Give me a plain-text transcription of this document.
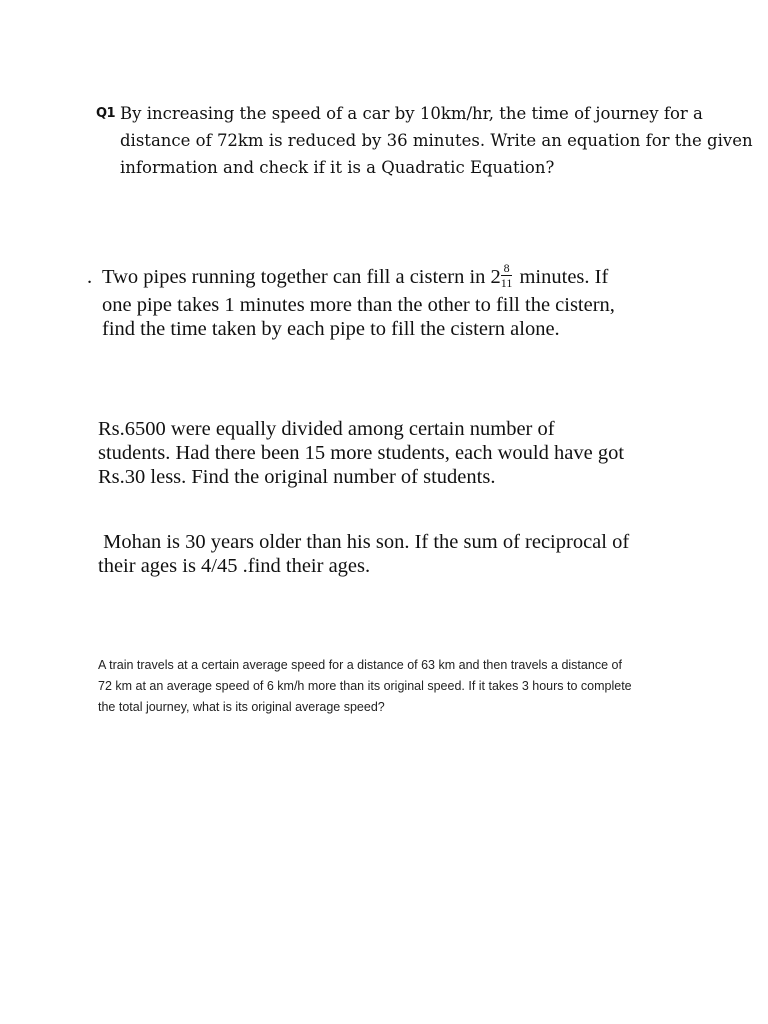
Q1 By increasing the speed of a car by 10km/hr, the time of journey for a
distance of 72km is reduced by 36 minutes. Write an equation for the given
information and check if it is a Quadratic Equation?
. Two pipes running together can fill a cistern in $2 \frac{8}{11}$ minutes. If
one pipe takes 1 minutes more than the other to fill the cistern,
find the time taken by each pipe to fill the cistern alone.
Rs.6500 were equally divided among certain number of
students. Had there been 15 more students, each would have got
Rs.30 less. Find the original number of students.
Mohan is 30 years older than his son. If the sum of reciprocal of
their ages is 4/45 .find their ages.
A train travels at a certain average speed for a distance of 63 km and then travels a distance of
72 km at an average speed of 6 km/h more than its original speed. If it takes 3 hours to complete
the total journey, what is its original average speed?
